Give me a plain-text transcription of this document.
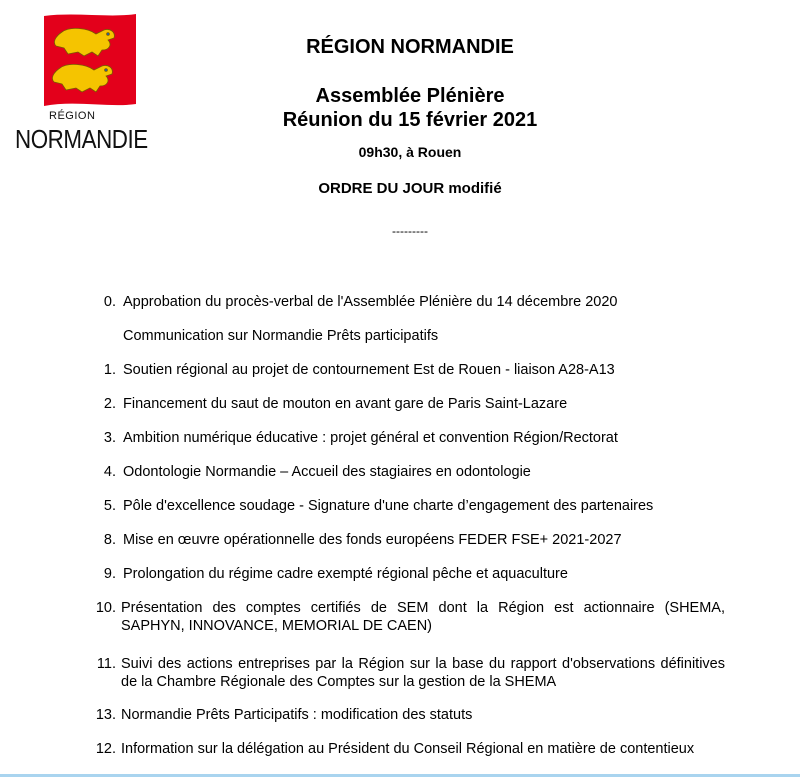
RÉGION
NORMANDIE
RÉGION NORMANDIE
Assemblée Plénière
Réunion du 15 février 2021
09h30, à Rouen
ORDRE DU JOUR modifié
---------
0. Approbation du procès-verbal de l'Assemblée Plénière du 14 décembre 2020
Communication sur Normandie Prêts participatifs
1. Soutien régional au projet de contournement Est de Rouen - liaison A28-A13
2. Financement du saut de mouton en avant gare de Paris Saint-Lazare
3. Ambition numérique éducative : projet général et convention Région/Rectorat
4. Odontologie Normandie – Accueil des stagiaires en odontologie
5. Pôle d'excellence soudage - Signature d'une charte d’engagement des partenaires
8. Mise en œuvre opérationnelle des fonds européens FEDER FSE+ 2021-2027
9. Prolongation du régime cadre exempté régional pêche et aquaculture
10. Présentation des comptes certifiés de SEM dont la Région est actionnaire (SHEMA, SAPHYN, INNOVANCE, MEMORIAL DE CAEN)
11. Suivi des actions entreprises par la Région sur la base du rapport d'observations définitives de la Chambre Régionale des Comptes sur la gestion de la SHEMA
13. Normandie Prêts Participatifs : modification des statuts
12. Information sur la délégation au Président du Conseil Régional en matière de contentieux
